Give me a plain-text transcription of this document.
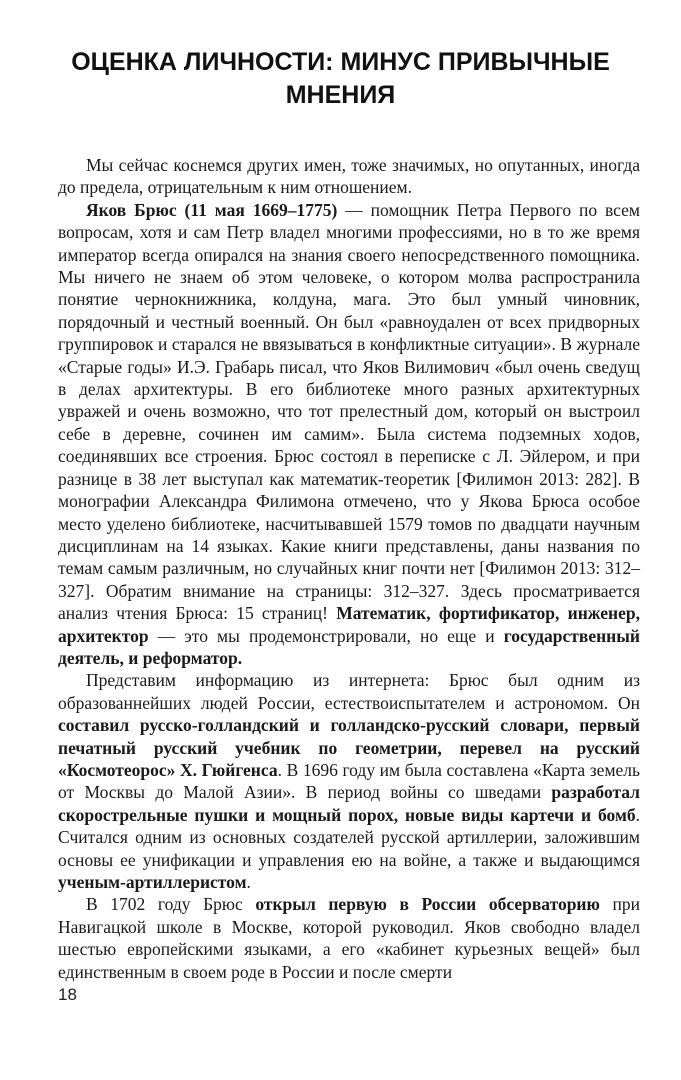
ОЦЕНКА ЛИЧНОСТИ: МИНУС ПРИВЫЧНЫЕ МНЕНИЯ

Мы сейчас коснемся других имен, тоже значимых, но опутанных, иногда до предела, отрицательным к ним отношением.

Яков Брюс (11 мая 1669–1775) — помощник Петра Первого по всем вопросам, хотя и сам Петр владел многими профессиями, но в то же время император всегда опирался на знания своего непосредственного помощника. Мы ничего не знаем об этом человеке, о котором молва распространила понятие чернокнижника, колдуна, мага. Это был умный чиновник, порядочный и честный военный. Он был «равноудален от всех придворных группировок и старался не ввязываться в конфликтные ситуации». В журнале «Старые годы» И.Э. Грабарь писал, что Яков Вилимович «был очень сведущ в делах архитектуры. В его библиотеке много разных архитектурных увражей и очень возможно, что тот прелестный дом, который он выстроил себе в деревне, сочинен им самим». Была система подземных ходов, соединявших все строения. Брюс состоял в переписке с Л. Эйлером, и при разнице в 38 лет выступал как математик-теоретик [Филимон 2013: 282]. В монографии Александра Филимона отмечено, что у Якова Брюса особое место уделено библиотеке, насчитывавшей 1579 томов по двадцати научным дисциплинам на 14 языках. Какие книги представлены, даны названия по темам самым различным, но случайных книг почти нет [Филимон 2013: 312–327]. Обратим внимание на страницы: 312–327. Здесь просматривается анализ чтения Брюса: 15 страниц! Математик, фортификатор, инженер, архитектор — это мы продемонстрировали, но еще и государственный деятель, и реформатор.

Представим информацию из интернета: Брюс был одним из образованнейших людей России, естествоиспытателем и астрономом. Он составил русско-голландский и голландско-русский словари, первый печатный русский учебник по геометрии, перевел на русский «Космотеорос» X. Гюйгенса. В 1696 году им была составлена «Карта земель от Москвы до Малой Азии». В период войны со шведами разработал скорострельные пушки и мощный порох, новые виды картечи и бомб. Считался одним из основных создателей русской артиллерии, заложившим основы ее унификации и управления ею на войне, а также и выдающимся ученым-артиллеристом.

В 1702 году Брюс открыл первую в России обсерваторию при Навигацкой школе в Москве, которой руководил. Яков свободно владел шестью европейскими языками, а его «кабинет курьезных вещей» был единственным в своем роде в России и после смерти

18
